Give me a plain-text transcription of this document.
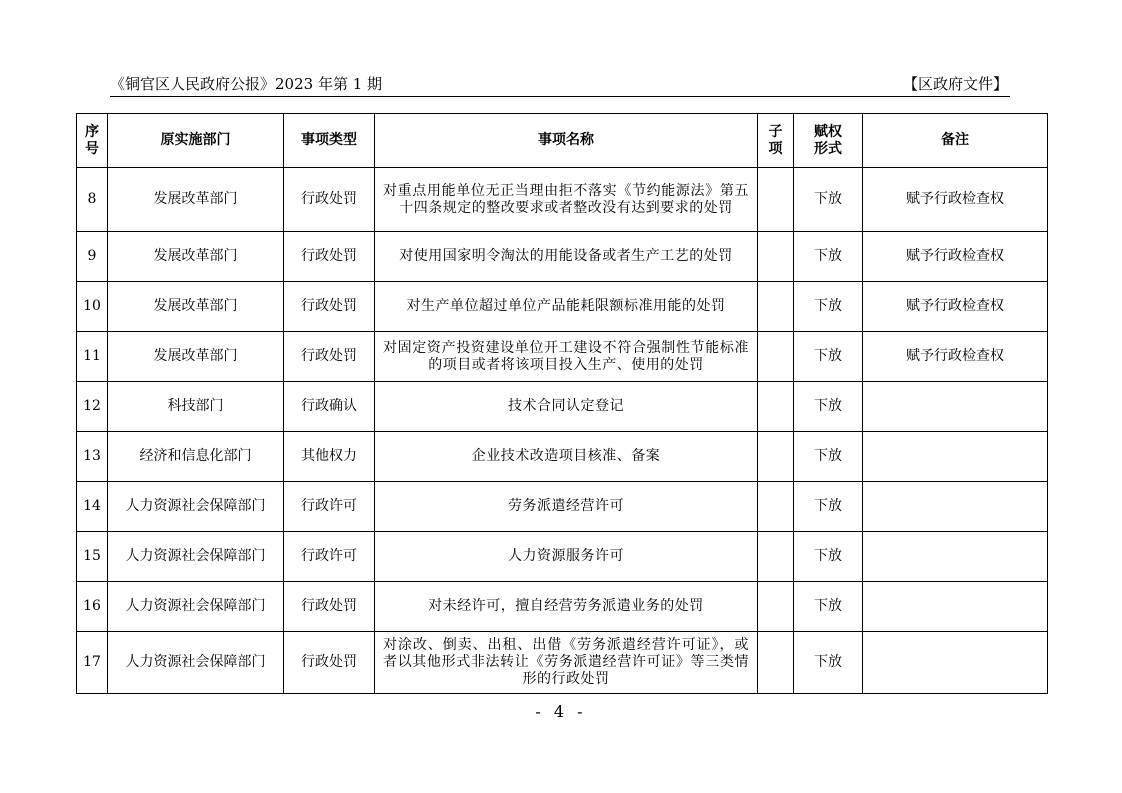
《铜官区人民政府公报》2023 年第 1 期	【区政府文件】
序号	原实施部门	事项类型	事项名称	子项	赋权形式	备注
8	发展改革部门	行政处罚	对重点用能单位无正当理由拒不落实《节约能源法》第五十四条规定的整改要求或者整改没有达到要求的处罚		下放	赋予行政检查权
9	发展改革部门	行政处罚	对使用国家明令淘汰的用能设备或者生产工艺的处罚		下放	赋予行政检查权
10	发展改革部门	行政处罚	对生产单位超过单位产品能耗限额标准用能的处罚		下放	赋予行政检查权
11	发展改革部门	行政处罚	对固定资产投资建设单位开工建设不符合强制性节能标准的项目或者将该项目投入生产、使用的处罚		下放	赋予行政检查权
12	科技部门	行政确认	技术合同认定登记		下放	
13	经济和信息化部门	其他权力	企业技术改造项目核准、备案		下放	
14	人力资源社会保障部门	行政许可	劳务派遣经营许可		下放	
15	人力资源社会保障部门	行政许可	人力资源服务许可		下放	
16	人力资源社会保障部门	行政处罚	对未经许可，擅自经营劳务派遣业务的处罚		下放	
17	人力资源社会保障部门	行政处罚	对涂改、倒卖、出租、出借《劳务派遣经营许可证》，或者以其他形式非法转让《劳务派遣经营许可证》等三类情形的行政处罚		下放	
- 4 -
